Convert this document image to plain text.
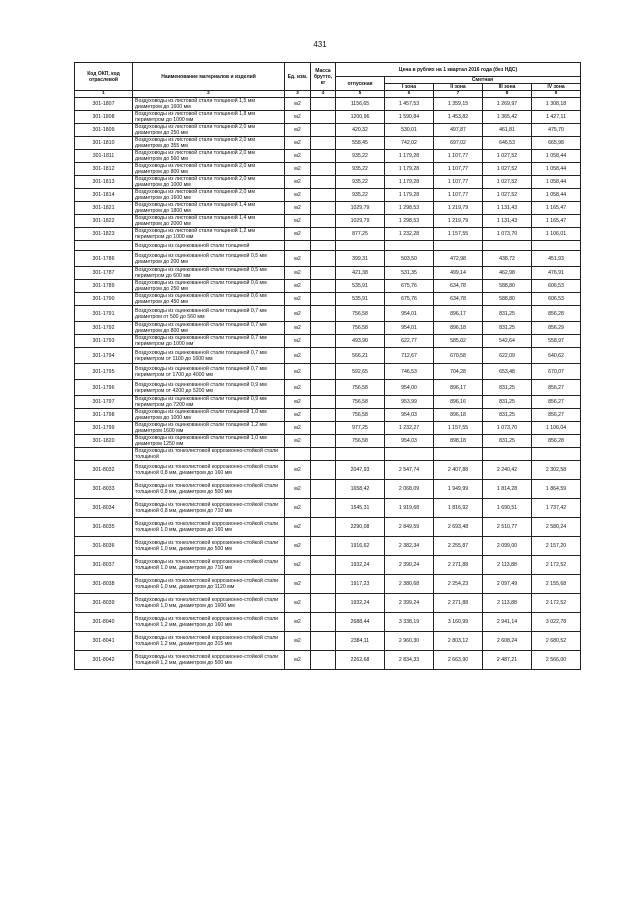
431
Код ОКП, код отраслевой	Наименование материалов и изделий	Ед. изм.	Масса брутто, кг	Цена в рублях на 1 квартал 2016 года (без НДС)				
				отпускная	Сметная			
					I зона	II зона	III зона	IV зона
1	2	3	4	5	6	7	8	9
301-1807	Воздуховоды из листовой стали толщиной 1,5 мм диаметром до 1600 мм	м2		1156,65	1 457,53	1 359,15	1 269,97	1 308,18
301-1808	Воздуховоды из листовой стали толщиной 1,8 мм периметром до 1000 мм	м2		1200,96	1 590,84	1 453,82	1 365,42	1 427,11
301-1809	Воздуховоды из листовой стали толщиной 2,0 мм диаметром до 250 мм	м2		420,32	530,01	497,87	461,81	475,70
301-1810	Воздуховоды из листовой стали толщиной 2,0 мм диаметром до 355 мм	м2		558,45	742,02	697,02	646,53	665,98
301-1811	Воздуховоды из листовой стали толщиной 2,0 мм диаметром до 560 мм	м2		935,22	1 179,28	1 107,77	1 027,52	1 058,44
301-1812	Воздуховоды из листовой стали толщиной 2,0 мм диаметром до 800 мм	м2		935,22	1 179,28	1 107,77	1 027,52	1 058,44
301-1813	Воздуховоды из листовой стали толщиной 2,0 мм диаметром до 1000 мм	м2		935,22	1 179,28	1 107,77	1 027,52	1 058,44
301-1814	Воздуховоды из листовой стали толщиной 2,0 мм диаметром до 1600 мм	м2		935,22	1 179,28	1 107,77	1 027,52	1 058,44
301-1821	Воздуховоды из листовой стали толщиной 1,4 мм диаметром до 1800 мм	м2		1029,79	1 298,53	1 219,79	1 131,43	1 165,47
301-1822	Воздуховоды из листовой стали толщиной 1,4 мм диаметром до 2000 мм	м2		1029,79	1 298,53	1 219,79	1 131,43	1 165,47
301-1823	Воздуховоды из листовой стали толщиной 1,2 мм периметром до 1000 мм	м2		877,25	1 232,28	1 157,55	1 073,70	1 106,01
	Воздуховоды из оцинкованной стали толщиной							
301-1786	Воздуховоды из оцинкованной стали толщиной 0,5 мм диаметром до 200 мм	м2		399,31	503,50	472,98	438,72	451,93
301-1787	Воздуховоды из оцинкованной стали толщиной 0,5 мм периметром до 600 мм	м2		421,38	531,35	499,14	462,98	476,91
301-1789	Воздуховоды из оцинкованной стали толщиной 0,6 мм диаметром до 250 мм	м2		535,91	675,76	634,78	588,80	606,53
301-1790	Воздуховоды из оцинкованной стали толщиной 0,6 мм диаметром до 450 мм	м2		535,91	675,76	634,78	588,80	606,53
301-1791	Воздуховоды из оцинкованной стали толщиной 0,7 мм диаметром от 500 до 560 мм	м2		756,58	954,01	896,17	831,25	856,28
301-1792	Воздуховоды из оцинкованной стали толщиной 0,7 мм диаметром до 800 мм	м2		756,58	954,01	896,18	831,25	856,29
301-1793	Воздуховоды из оцинкованной стали толщиной 0,7 мм периметром до 1000 мм	м2		493,90	622,77	585,02	542,64	558,97
301-1794	Воздуховоды из оцинкованной стали толщиной 0,7 мм периметром от 1100 до 1600 мм	м2		566,21	712,67	670,58	622,09	640,62
301-1795	Воздуховоды из оцинкованной стали толщиной 0,7 мм периметром от 1700 до 4000 мм	м2		592,65	746,53	704,28	653,48	670,07
301-1796	Воздуховоды из оцинкованной стали толщиной 0,9 мм периметром от 4200 до 5200 мм	м2		756,58	954,00	896,17	831,25	856,27
301-1797	Воздуховоды из оцинкованной стали толщиной 0,9 мм периметром до 7200 мм	м2		756,58	953,99	896,16	831,25	856,27
301-1798	Воздуховоды из оцинкованной стали толщиной 1,0 мм диаметром до 1000 мм	м2		756,58	954,03	896,18	831,25	856,27
301-1799	Воздуховоды из оцинкованной стали толщиной 1,2 мм диаметром 1600 мм	м2		977,25	1 232,27	1 157,55	1 073,70	1 106,04
301-1820	Воздуховоды из оцинкованной стали толщиной 1,0 мм диаметром 1250 мм	м2		756,58	954,03	898,18	831,25	856,28
	Воздуховоды из тонколистовой коррозионно-стойкой стали толщиной							
301-8032	Воздуховоды из тонколистовой коррозионно-стойкой стали толщиной 0,8 мм, диаметром до 160 мм	м2		2047,93	2 547,74	2 407,88	2 240,42	2 302,58
301-8033	Воздуховоды из тонколистовой коррозионно-стойкой стали толщиной 0,8 мм, диаметром до 500 мм	м2		1658,42	2 068,09	1 949,99	1 814,28	1 864,59
301-8034	Воздуховоды из тонколистовой коррозионно-стойкой стали толщиной 0,8 мм, диаметром до 710 мм	м2		1545,31	1 919,68	1 816,92	1 690,51	1 737,42
301-8035	Воздуховоды из тонколистовой коррозионно-стойкой стали толщиной 1,0 мм, диаметром до 160 мм	м2		2290,08	2 849,59	2 693,48	2 510,77	2 580,24
301-8036	Воздуховоды из тонколистовой коррозионно-стойкой стали толщиной 1,0 мм, диаметром до 500 мм	м2		1916,62	2 382,34	2 255,87	2 099,00	2 157,20
301-8037	Воздуховоды из тонколистовой коррозионно-стойкой стали толщиной 1,0 мм, диаметром до 710 мм	м2		1932,24	2 390,24	2 271,88	2 113,88	2 172,52
301-8038	Воздуховоды из тонколистовой коррозионно-стойкой стали толщиной 1,0 мм, диаметром до 1120 мм	м2		1917,23	2 380,68	2 254,23	2 097,49	2 155,68
301-8039	Воздуховоды из тонколистовой коррозионно-стойкой стали толщиной 1,0 мм, диаметром до 1600 мм	м2		1932,24	2 399,24	2 271,88	2 113,88	2 172,52
301-8040	Воздуховоды из тонколистовой коррозионно-стойкой стали толщиной 1,2 мм, диаметром до 160 мм	м2		2688,44	3 338,19	3 160,99	2 941,14	3 022,78
301-8041	Воздуховоды из тонколистовой коррозионно-стойкой стали толщиной 1,2 мм, диаметром до 315 мм	м2		2384,11	2 960,30	2 803,12	2 608,24	2 680,52
301-8042	Воздуховоды из тонколистовой коррозионно-стойкой стали толщиной 1,2 мм, диаметром до 500 мм	м2		2262,68	2 834,33	2 663,90	2 487,21	2 566,00
